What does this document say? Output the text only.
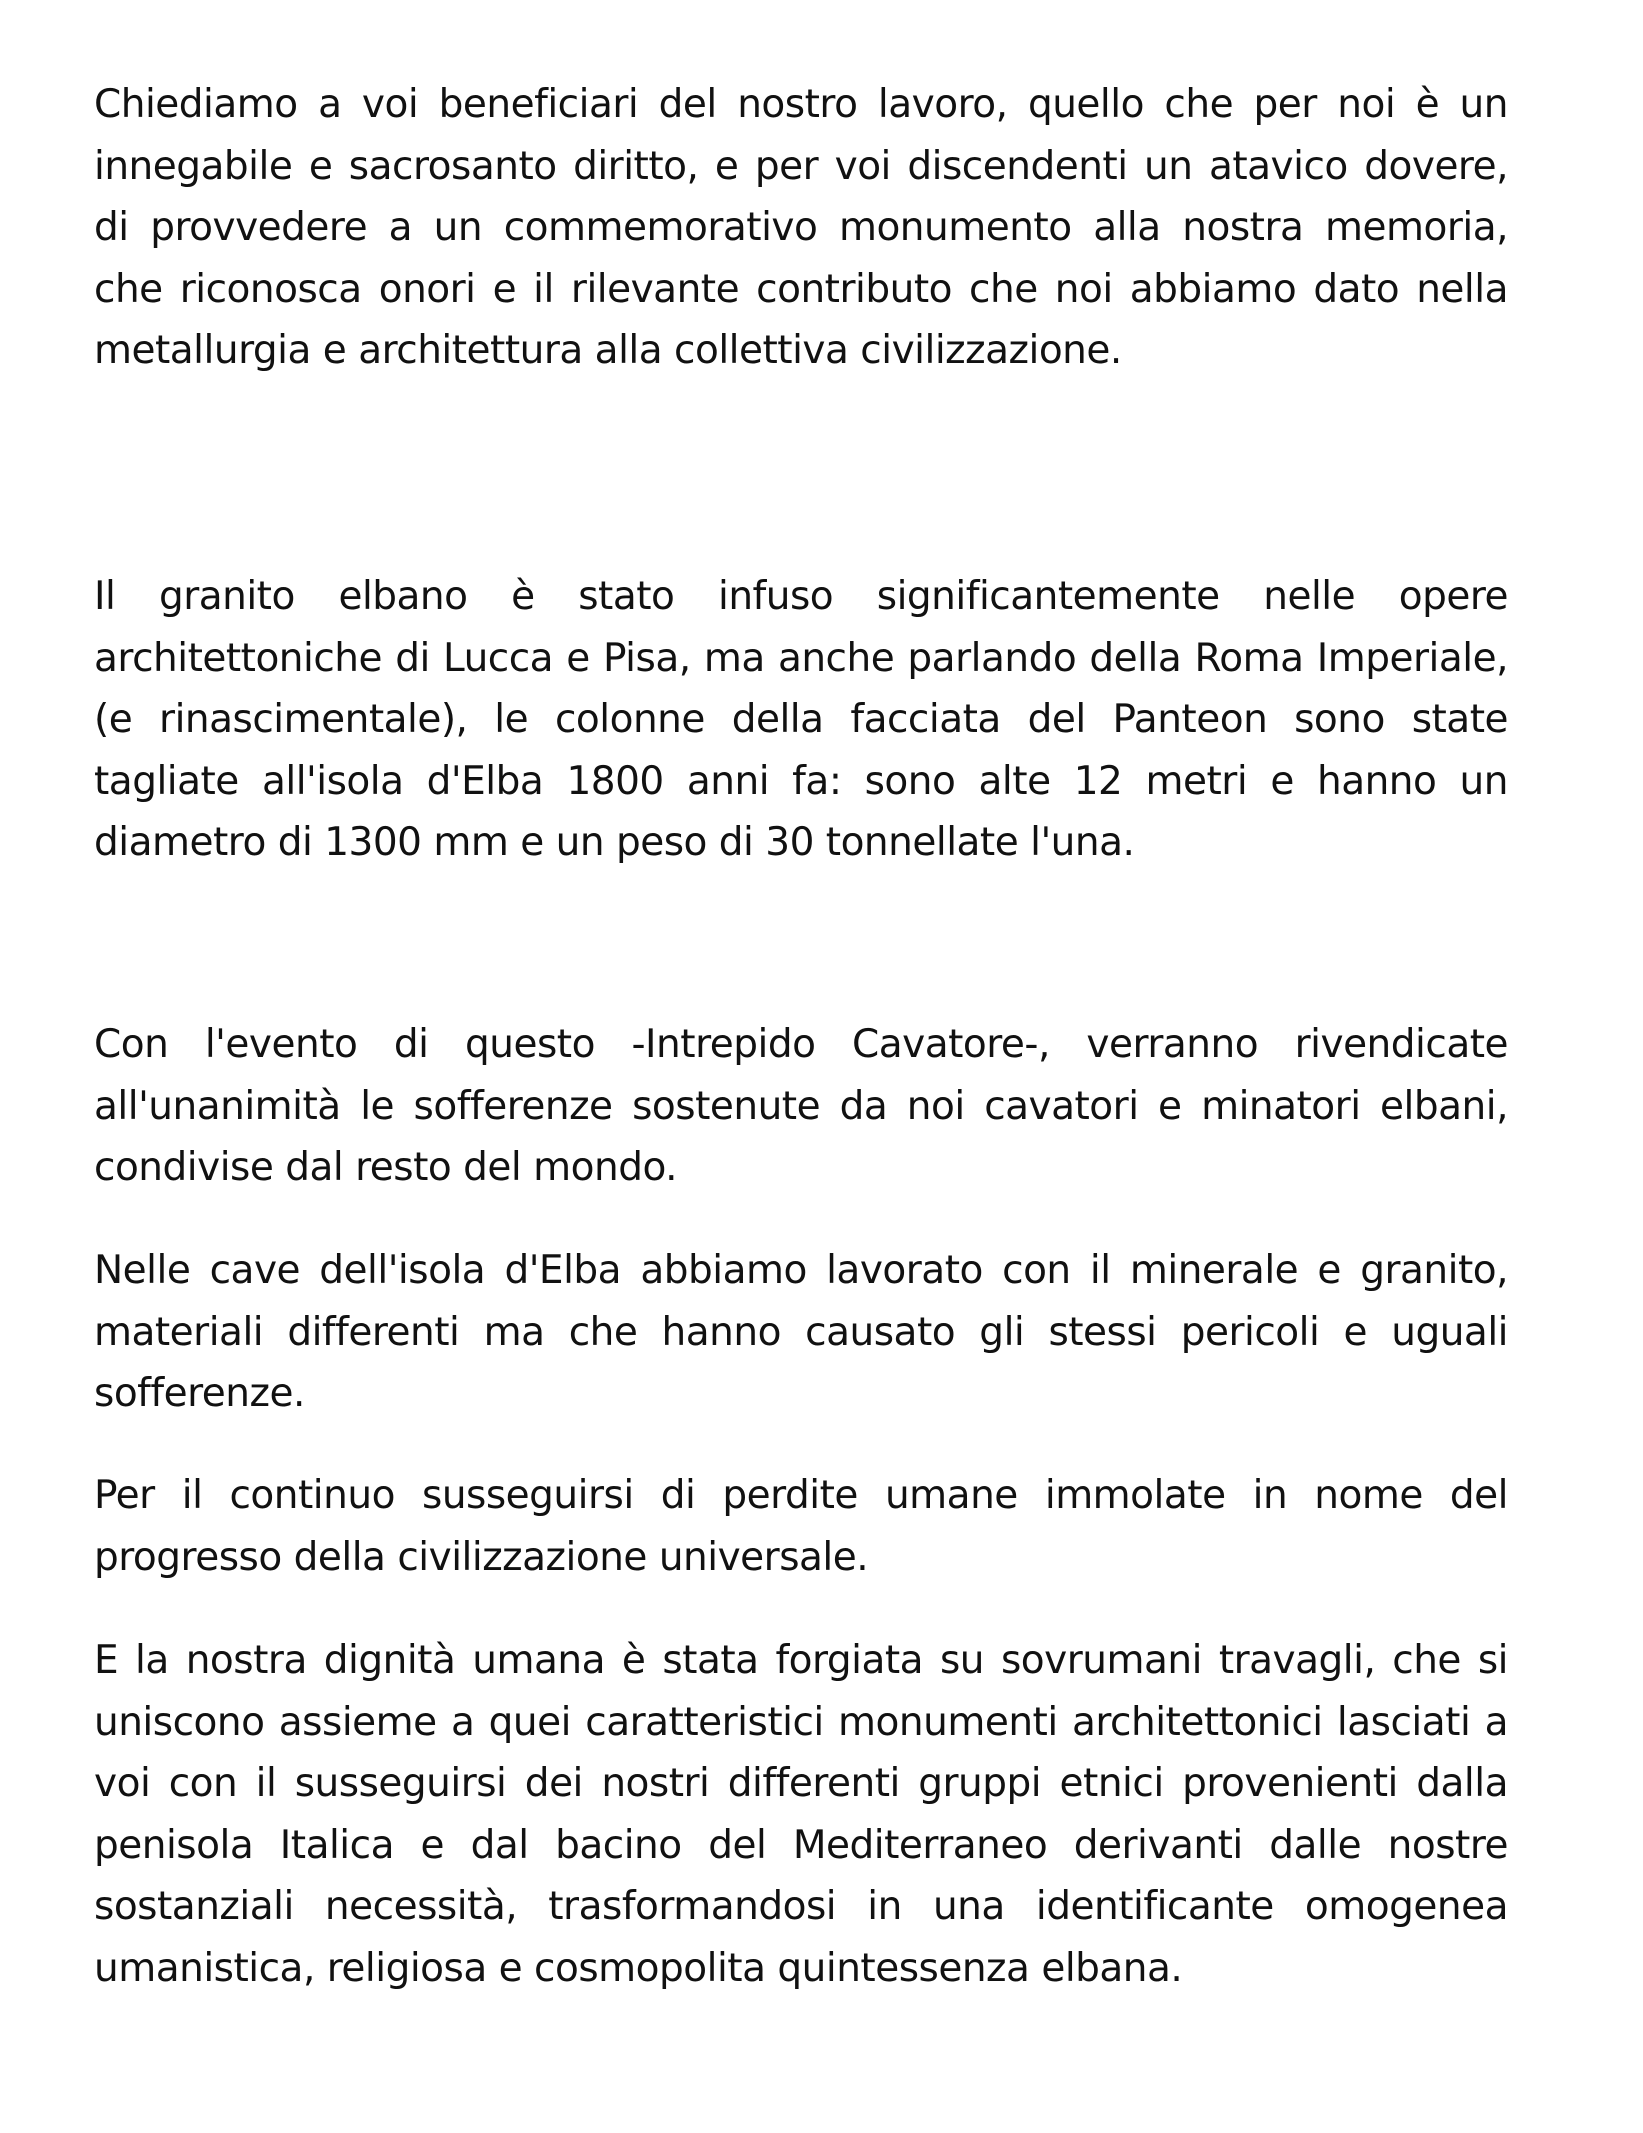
Chiediamo a voi beneficiari del nostro lavoro, quello che per noi è un innegabile e sacrosanto diritto, e per voi discendenti un atavico dovere, di provvedere a un commemorativo monumento alla nostra memoria, che riconosca onori e il rilevante contributo che noi abbiamo dato nella metallurgia e architettura alla collettiva civilizzazione.

Il granito elbano è stato infuso significantemente nelle opere architettoniche di Lucca e Pisa, ma anche parlando della Roma Imperiale, (e rinascimentale), le colonne della facciata del Panteon sono state tagliate all'isola d'Elba 1800 anni fa: sono alte 12 metri e hanno un diametro di 1300 mm e un peso di 30 tonnellate l'una.

Con l'evento di questo -Intrepido Cavatore-, verranno rivendicate all'unanimità le sofferenze sostenute da noi cavatori e minatori elbani, condivise dal resto del mondo.

Nelle cave dell'isola d'Elba abbiamo lavorato con il minerale e granito, materiali differenti ma che hanno causato gli stessi pericoli e uguali sofferenze.

Per il continuo susseguirsi di perdite umane immolate in nome del progresso della civilizzazione universale.

E la nostra dignità umana è stata forgiata su sovrumani travagli, che si uniscono assieme a quei caratteristici monumenti architettonici lasciati a voi con il susseguirsi dei nostri differenti gruppi etnici provenienti dalla penisola Italica e dal bacino del Mediterraneo derivanti dalle nostre sostanziali necessità, trasformandosi in una identificante omogenea umanistica, religiosa e cosmopolita quintessenza elbana.
